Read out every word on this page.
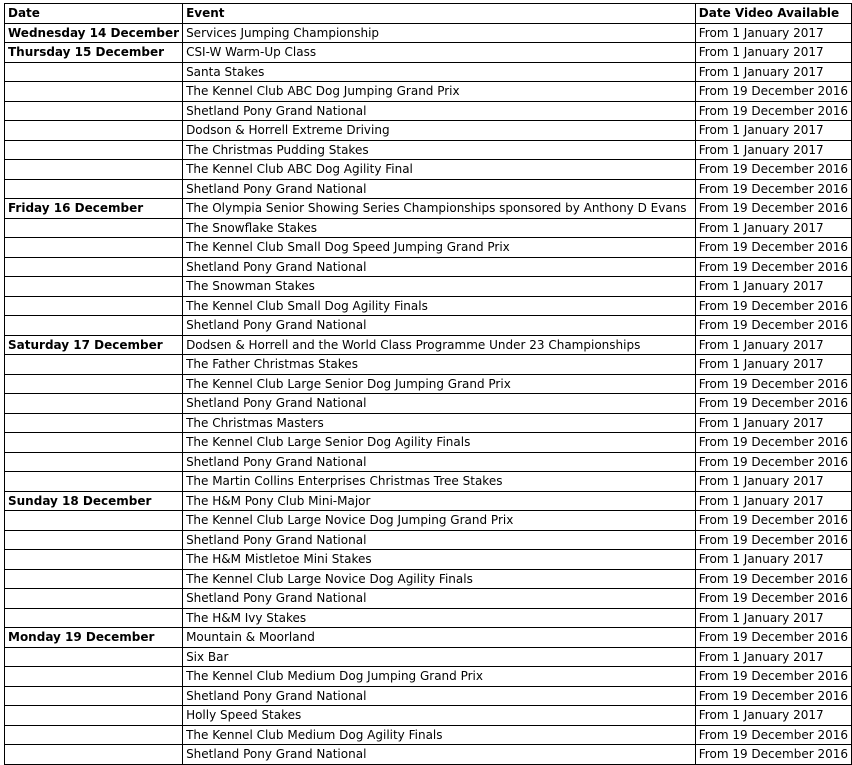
Date	Event	Date Video Available
Wednesday 14 December	Services Jumping Championship	From 1 January 2017
Thursday 15 December	CSI-W Warm-Up Class	From 1 January 2017
	Santa Stakes	From 1 January 2017
	The Kennel Club ABC Dog Jumping Grand Prix	From 19 December 2016
	Shetland Pony Grand National	From 19 December 2016
	Dodson & Horrell Extreme Driving	From 1 January 2017
	The Christmas Pudding Stakes	From 1 January 2017
	The Kennel Club ABC Dog Agility Final	From 19 December 2016
	Shetland Pony Grand National	From 19 December 2016
Friday 16 December	The Olympia Senior Showing Series Championships sponsored by Anthony D Evans	From 19 December 2016
	The Snowflake Stakes	From 1 January 2017
	The Kennel Club Small Dog Speed Jumping Grand Prix	From 19 December 2016
	Shetland Pony Grand National	From 19 December 2016
	The Snowman Stakes	From 1 January 2017
	The Kennel Club Small Dog Agility Finals	From 19 December 2016
	Shetland Pony Grand National	From 19 December 2016
Saturday 17 December	Dodsen & Horrell and the World Class Programme Under 23 Championships	From 1 January 2017
	The Father Christmas Stakes	From 1 January 2017
	The Kennel Club Large Senior Dog Jumping Grand Prix	From 19 December 2016
	Shetland Pony Grand National	From 19 December 2016
	The Christmas Masters	From 1 January 2017
	The Kennel Club Large Senior Dog Agility Finals	From 19 December 2016
	Shetland Pony Grand National	From 19 December 2016
	The Martin Collins Enterprises Christmas Tree Stakes	From 1 January 2017
Sunday 18 December	The H&M Pony Club Mini-Major	From 1 January 2017
	The Kennel Club Large Novice Dog Jumping Grand Prix	From 19 December 2016
	Shetland Pony Grand National	From 19 December 2016
	The H&M Mistletoe Mini Stakes	From 1 January 2017
	The Kennel Club Large Novice Dog Agility Finals	From 19 December 2016
	Shetland Pony Grand National	From 19 December 2016
	The H&M Ivy Stakes	From 1 January 2017
Monday 19 December	Mountain & Moorland	From 19 December 2016
	Six Bar	From 1 January 2017
	The Kennel Club Medium Dog Jumping Grand Prix	From 19 December 2016
	Shetland Pony Grand National	From 19 December 2016
	Holly Speed Stakes	From 1 January 2017
	The Kennel Club Medium Dog Agility Finals	From 19 December 2016
	Shetland Pony Grand National	From 19 December 2016
